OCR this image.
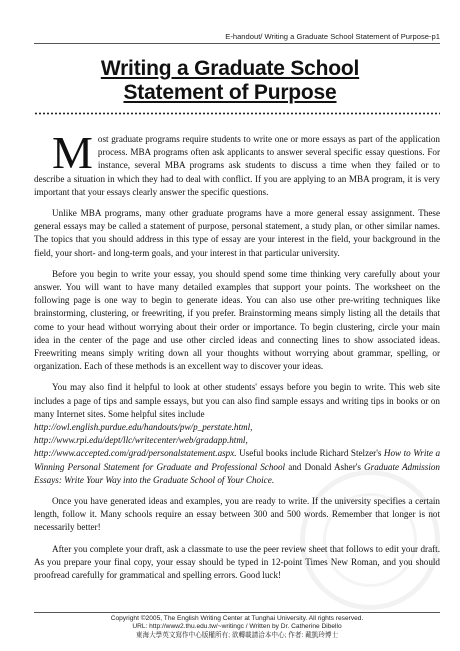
E-handout/ Writing a Graduate School Statement of Purpose-p1
Writing a Graduate School
Statement of Purpose

Most graduate programs require students to write one or more essays as part of the application process. MBA programs often ask applicants to answer several specific essay questions. For instance, several MBA programs ask students to discuss a time when they failed or to describe a situation in which they had to deal with conflict. If you are applying to an MBA program, it is very important that your essays clearly answer the specific questions.

Unlike MBA programs, many other graduate programs have a more general essay assignment. These general essays may be called a statement of purpose, personal statement, a study plan, or other similar names. The topics that you should address in this type of essay are your interest in the field, your background in the field, your short- and long-term goals, and your interest in that particular university.

Before you begin to write your essay, you should spend some time thinking very carefully about your answer. You will want to have many detailed examples that support your points. The worksheet on the following page is one way to begin to generate ideas. You can also use other pre-writing techniques like brainstorming, clustering, or freewriting, if you prefer. Brainstorming means simply listing all the details that come to your head without worrying about their order or importance. To begin clustering, circle your main idea in the center of the page and use other circled ideas and connecting lines to show associated ideas. Freewriting means simply writing down all your thoughts without worrying about grammar, spelling, or organization. Each of these methods is an excellent way to discover your ideas.

You may also find it helpful to look at other students' essays before you begin to write. This web site includes a page of tips and sample essays, but you can also find sample essays and writing tips in books or on many Internet sites. Some helpful sites include
http://owl.english.purdue.edu/handouts/pw/p_perstate.html,
http://www.rpi.edu/dept/llc/writecenter/web/gradapp.html,
http://www.accepted.com/grad/personalstatement.aspx. Useful books include Richard Stelzer's How to Write a Winning Personal Statement for Graduate and Professional School and Donald Asher's Graduate Admission Essays: Write Your Way into the Graduate School of Your Choice.

Once you have generated ideas and examples, you are ready to write. If the university specifies a certain length, follow it. Many schools require an essay between 300 and 500 words. Remember that longer is not necessarily better!

After you complete your draft, ask a classmate to use the peer review sheet that follows to edit your draft. As you prepare your final copy, your essay should be typed in 12-point Times New Roman, and you should proofread carefully for grammatical and spelling errors. Good luck!

Copyright ©2005, The English Writing Center at Tunghai University. All rights reserved.
URL: http://www2.thu.edu.tw/~writingc / Written by Dr. Catherine Dibello
東海大學英文寫作中心版權所有; 欲轉載請洽本中心; 作者: 戴凱玲博士
